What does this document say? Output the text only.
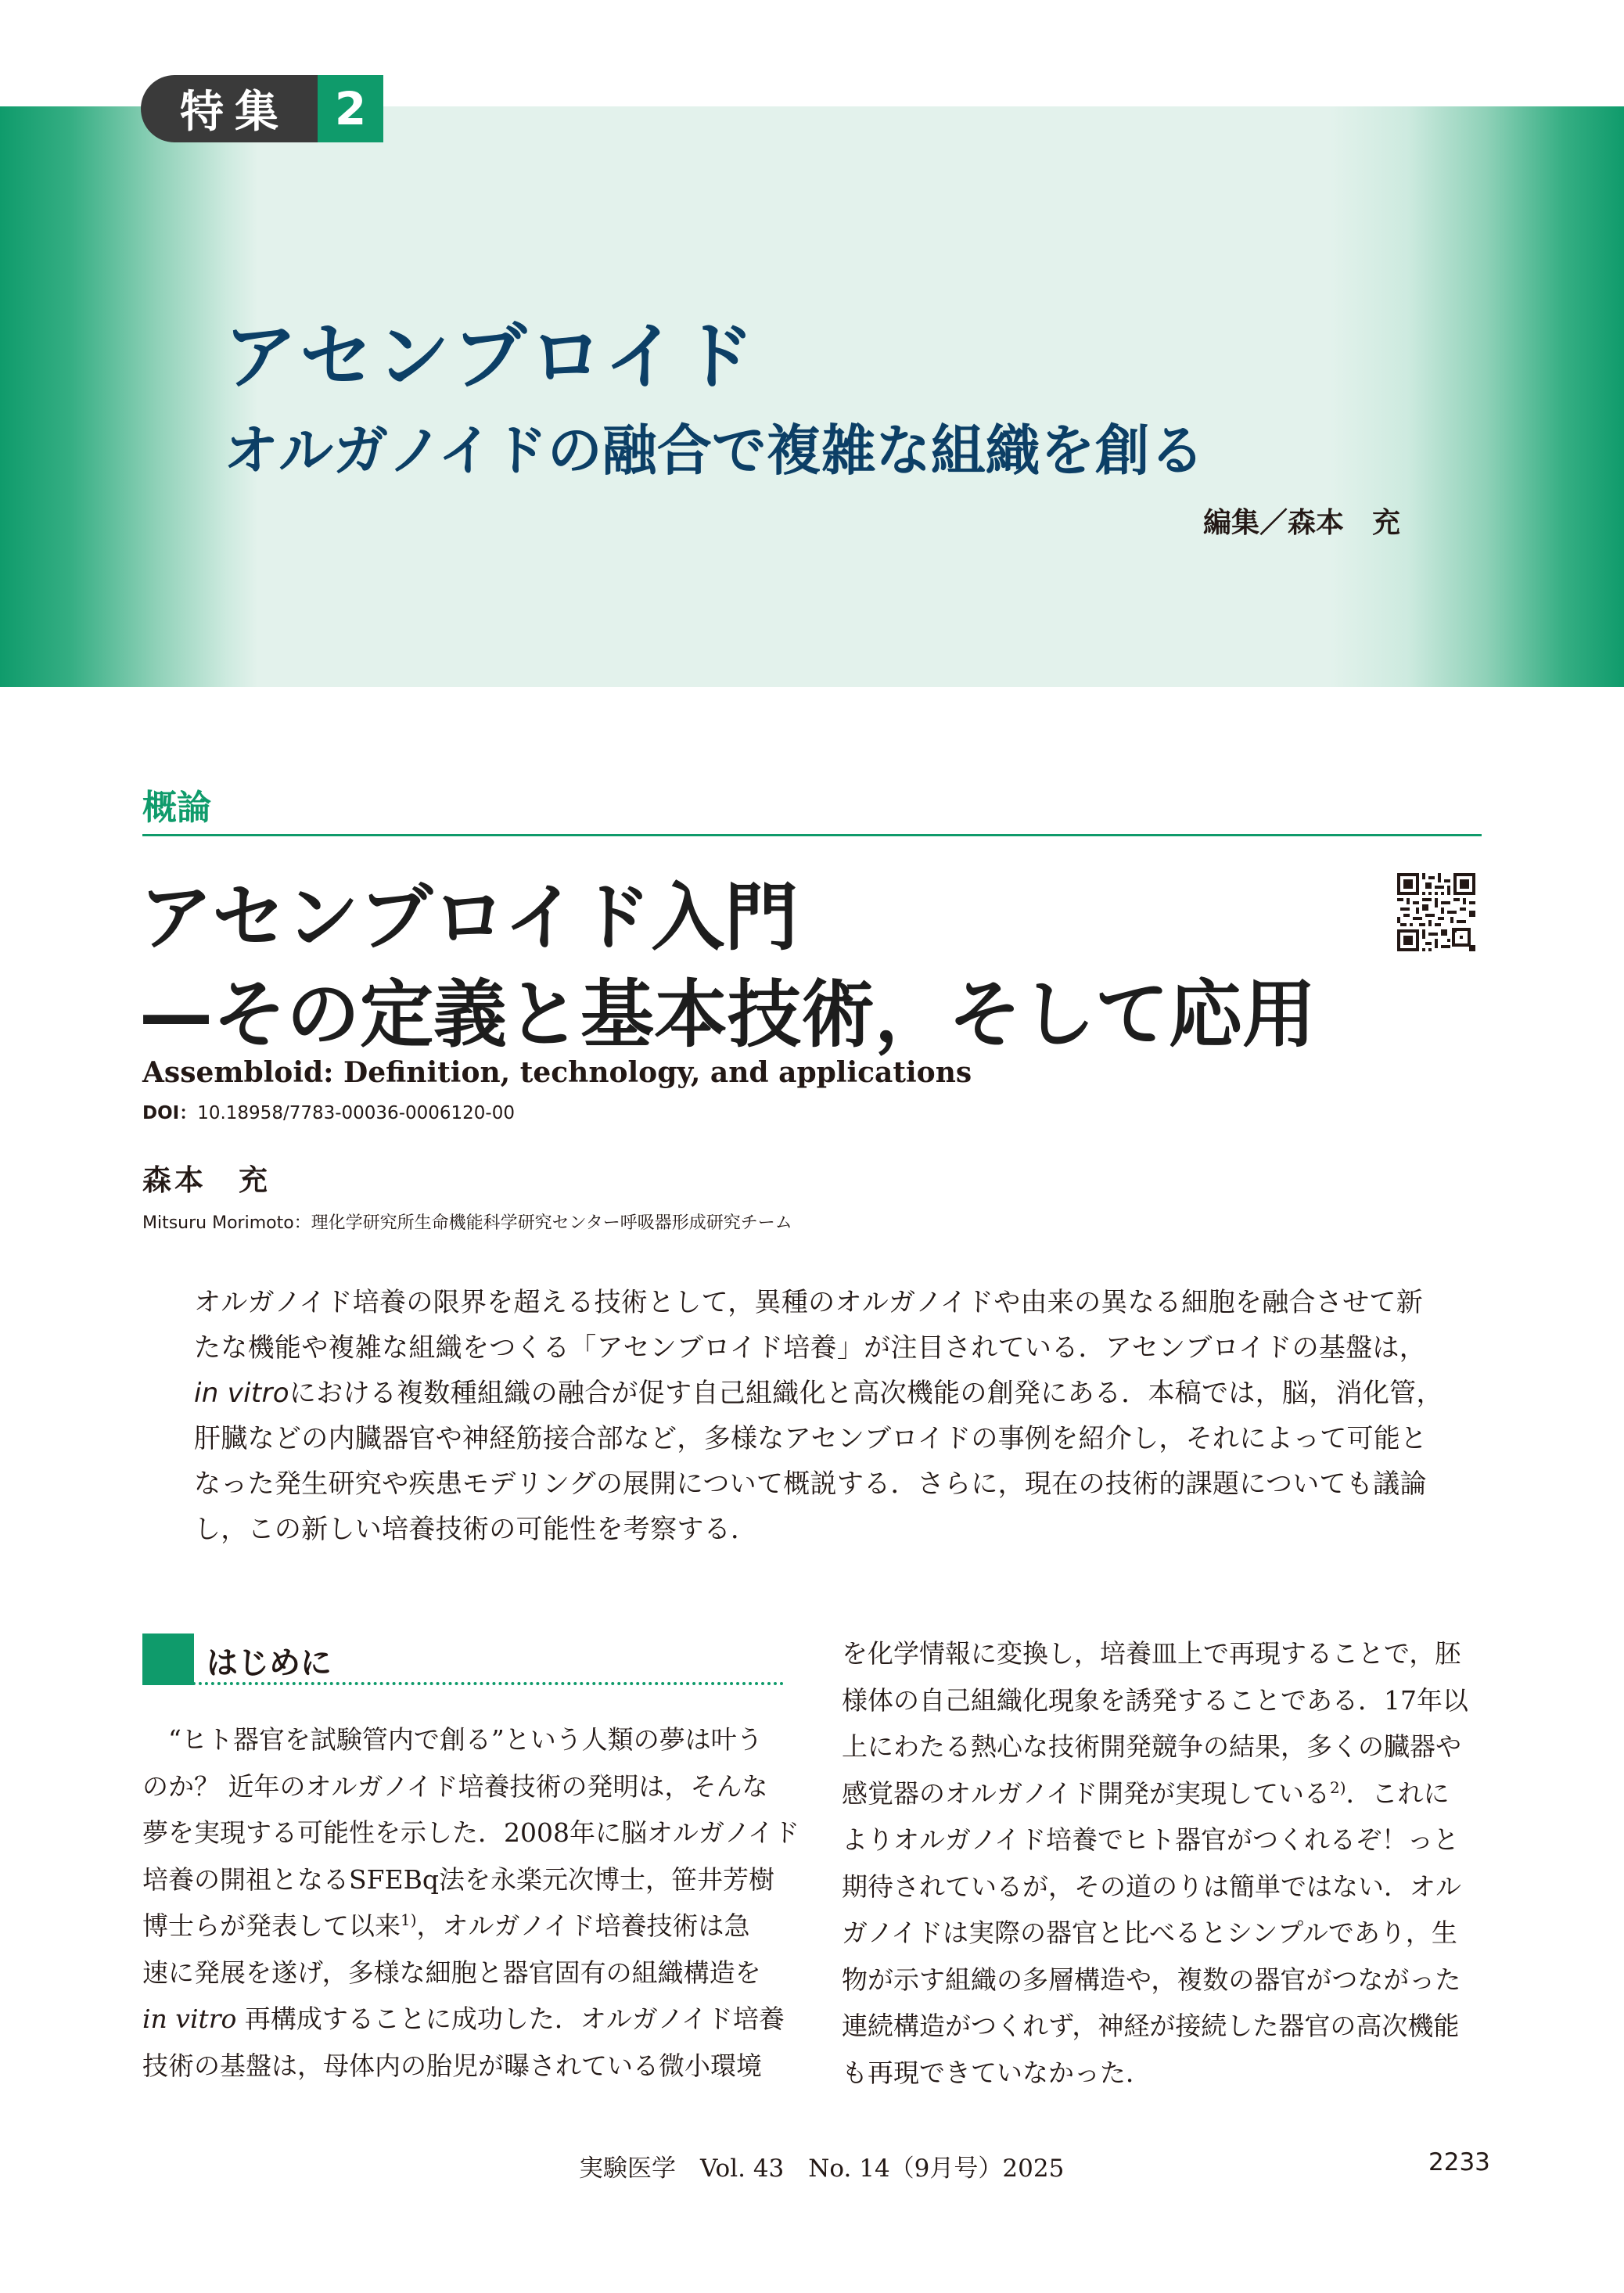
特集 2
アセンブロイド
オルガノイドの融合で複雑な組織を創る
編集／森本　充
概論
アセンブロイド入門
—その定義と基本技術，そして応用
Assembloid: Definition, technology, and applications
DOI：10.18958/7783-00036-0006120-00
森本　充
Mitsuru Morimoto：理化学研究所生命機能科学研究センター呼吸器形成研究チーム
オルガノイド培養の限界を超える技術として，異種のオルガノイドや由来の異なる細胞を融合させて新
たな機能や複雑な組織をつくる「アセンブロイド培養」が注目されている．アセンブロイドの基盤は，
in vitroにおける複数種組織の融合が促す自己組織化と高次機能の創発にある．本稿では，脳，消化管，
肝臓などの内臓器官や神経筋接合部など，多様なアセンブロイドの事例を紹介し，それによって可能と
なった発生研究や疾患モデリングの展開について概説する．さらに，現在の技術的課題についても議論
し，この新しい培養技術の可能性を考察する．
はじめに
　“ヒト器官を試験管内で創る”という人類の夢は叶う
のか？ 近年のオルガノイド培養技術の発明は，そんな
夢を実現する可能性を示した．2008年に脳オルガノイド
培養の開祖となるSFEBq法を永楽元次博士，笹井芳樹
博士らが発表して以来$^{1)}$，オルガノイド培養技術は急
速に発展を遂げ，多様な細胞と器官固有の組織構造を
in vitro 再構成することに成功した．オルガノイド培養
技術の基盤は，母体内の胎児が曝されている微小環境
を化学情報に変換し，培養皿上で再現することで，胚
様体の自己組織化現象を誘発することである．17年以
上にわたる熱心な技術開発競争の結果，多くの臓器や
感覚器のオルガノイド開発が実現している$^{2)}$．これに
よりオルガノイド培養でヒト器官がつくれるぞ！っと
期待されているが，その道のりは簡単ではない．オル
ガノイドは実際の器官と比べるとシンプルであり，生
物が示す組織の多層構造や，複数の器官がつながった
連続構造がつくれず，神経が接続した器官の高次機能
も再現できていなかった．
実験医学　Vol. 43　No. 14（9月号）2025	2233
